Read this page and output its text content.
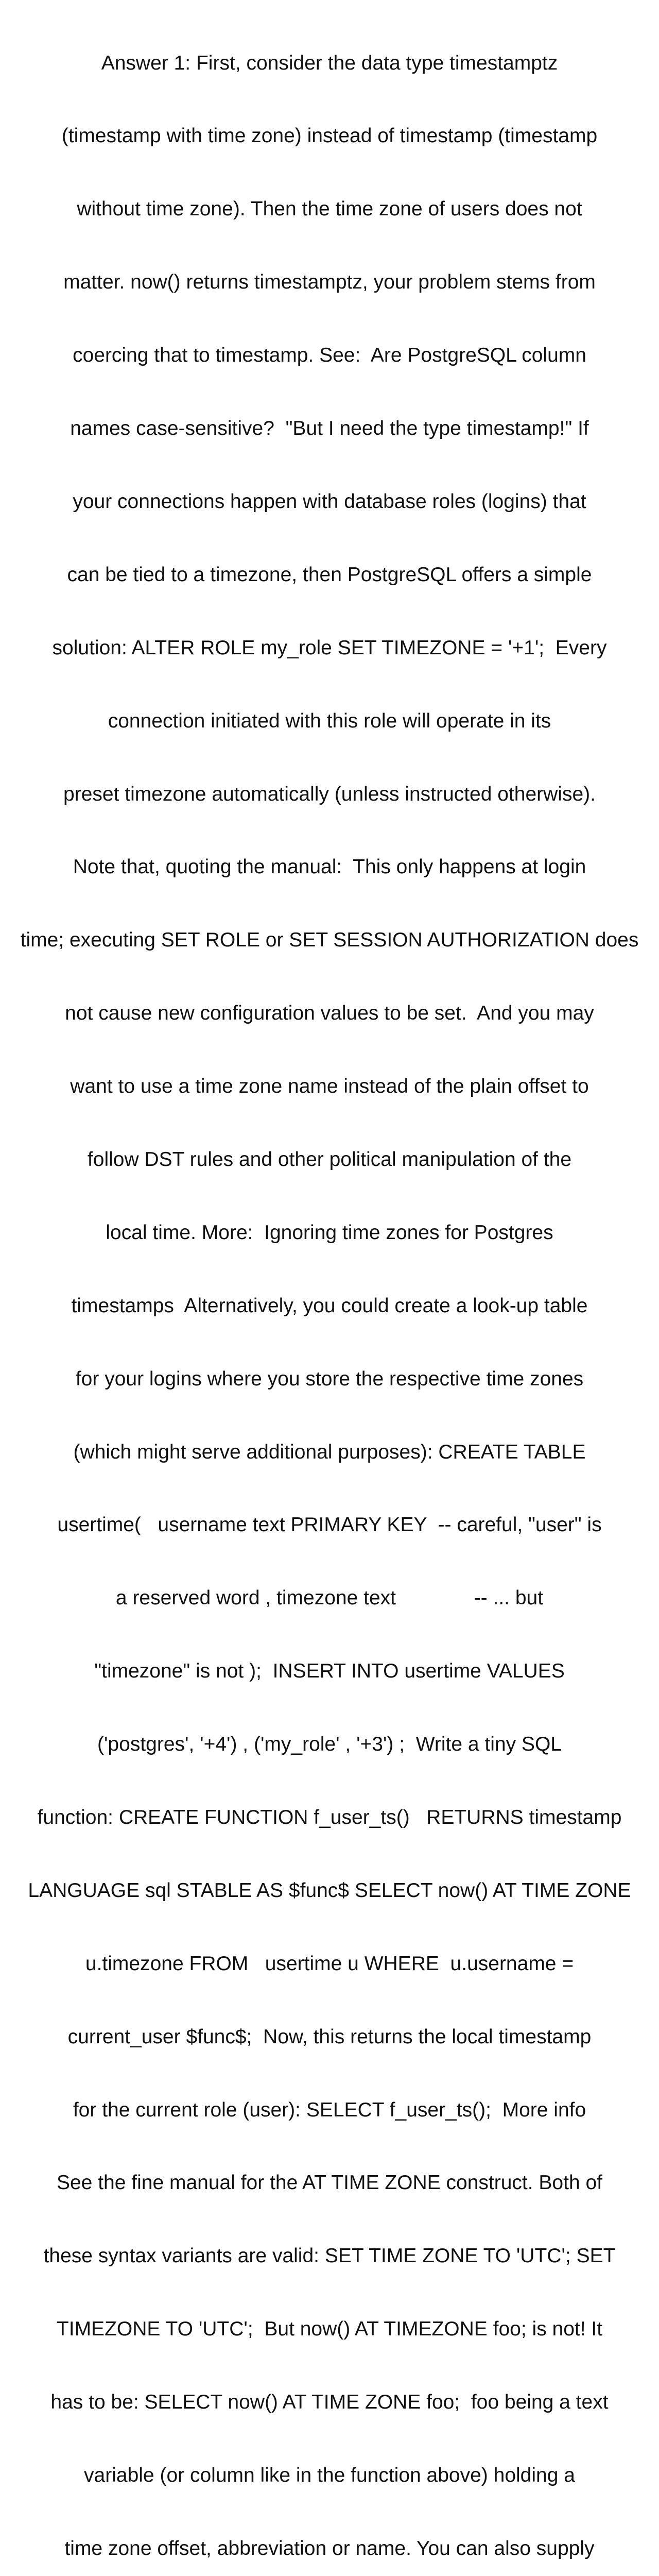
Answer 1: First, consider the data type timestamptz

(timestamp with time zone) instead of timestamp (timestamp

without time zone). Then the time zone of users does not

matter. now() returns timestamptz, your problem stems from

coercing that to timestamp. See:  Are PostgreSQL column

names case-sensitive?  "But I need the type timestamp!" If

your connections happen with database roles (logins) that

can be tied to a timezone, then PostgreSQL offers a simple

solution: ALTER ROLE my_role SET TIMEZONE = '+1';  Every

connection initiated with this role will operate in its

preset timezone automatically (unless instructed otherwise).

Note that, quoting the manual:  This only happens at login

time; executing SET ROLE or SET SESSION AUTHORIZATION does

not cause new configuration values to be set.  And you may

want to use a time zone name instead of the plain offset to

follow DST rules and other political manipulation of the

local time. More:  Ignoring time zones for Postgres

timestamps  Alternatively, you could create a look-up table

for your logins where you store the respective time zones

(which might serve additional purposes): CREATE TABLE

usertime(   username text PRIMARY KEY  -- careful, "user" is

a reserved word , timezone text              -- ... but

"timezone" is not );  INSERT INTO usertime VALUES

('postgres', '+4') , ('my_role' , '+3') ;  Write a tiny SQL

function: CREATE FUNCTION f_user_ts()   RETURNS timestamp

LANGUAGE sql STABLE AS $func$ SELECT now() AT TIME ZONE

u.timezone FROM   usertime u WHERE  u.username =

current_user $func$;  Now, this returns the local timestamp

for the current role (user): SELECT f_user_ts();  More info

See the fine manual for the AT TIME ZONE construct. Both of

these syntax variants are valid: SET TIME ZONE TO 'UTC'; SET

TIMEZONE TO 'UTC';  But now() AT TIMEZONE foo; is not! It

has to be: SELECT now() AT TIME ZONE foo;  foo being a text

variable (or column like in the function above) holding a

time zone offset, abbreviation or name. You can also supply
